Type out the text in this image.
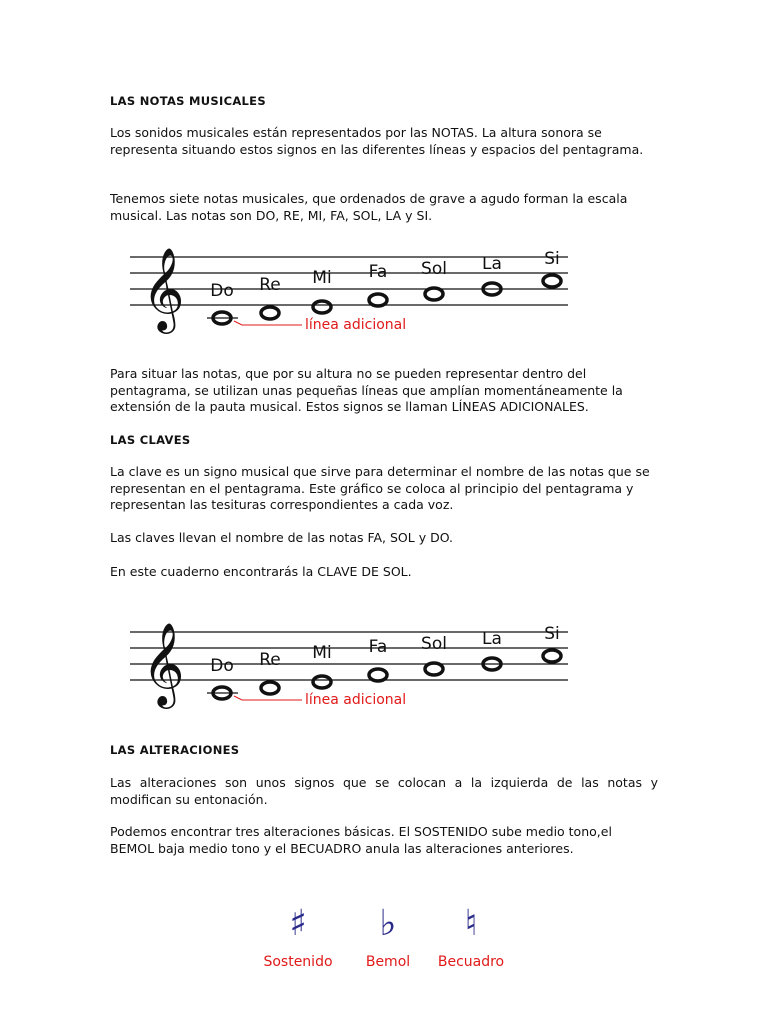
LAS NOTAS MUSICALES

Los sonidos musicales están representados por las NOTAS. La altura sonora se representa situando estos signos en las diferentes líneas y espacios del pentagrama.

Tenemos siete notas musicales, que ordenados de grave a agudo forman la escala musical. Las notas son DO, RE, MI, FA, SOL, LA y SI.

𝄞 Do Re Mi Fa Sol La Si
línea adicional

Para situar las notas, que por su altura no se pueden representar dentro del pentagrama, se utilizan unas pequeñas líneas que amplían momentáneamente la extensión de la pauta musical. Estos signos se llaman LÍNEAS ADICIONALES.

LAS CLAVES

La clave es un signo musical que sirve para determinar el nombre de las notas que se representan en el pentagrama. Este gráfico se coloca al principio del pentagrama y representan las tesituras correspondientes a cada voz.

Las claves llevan el nombre de las notas FA, SOL y DO.

En este cuaderno encontrarás la CLAVE DE SOL.

𝄞 Do Re Mi Fa Sol La Si
línea adicional
LAS ALTERACIONES

Las alteraciones son unos signos que se colocan a la izquierda de las notas y modifican su entonación.

Podemos encontrar tres alteraciones básicas. El SOSTENIDO sube medio tono,el BEMOL baja medio tono y el BECUADRO anula las alteraciones anteriores.

♯
Sostenido
♭
Bemol
♮
Becuadro
